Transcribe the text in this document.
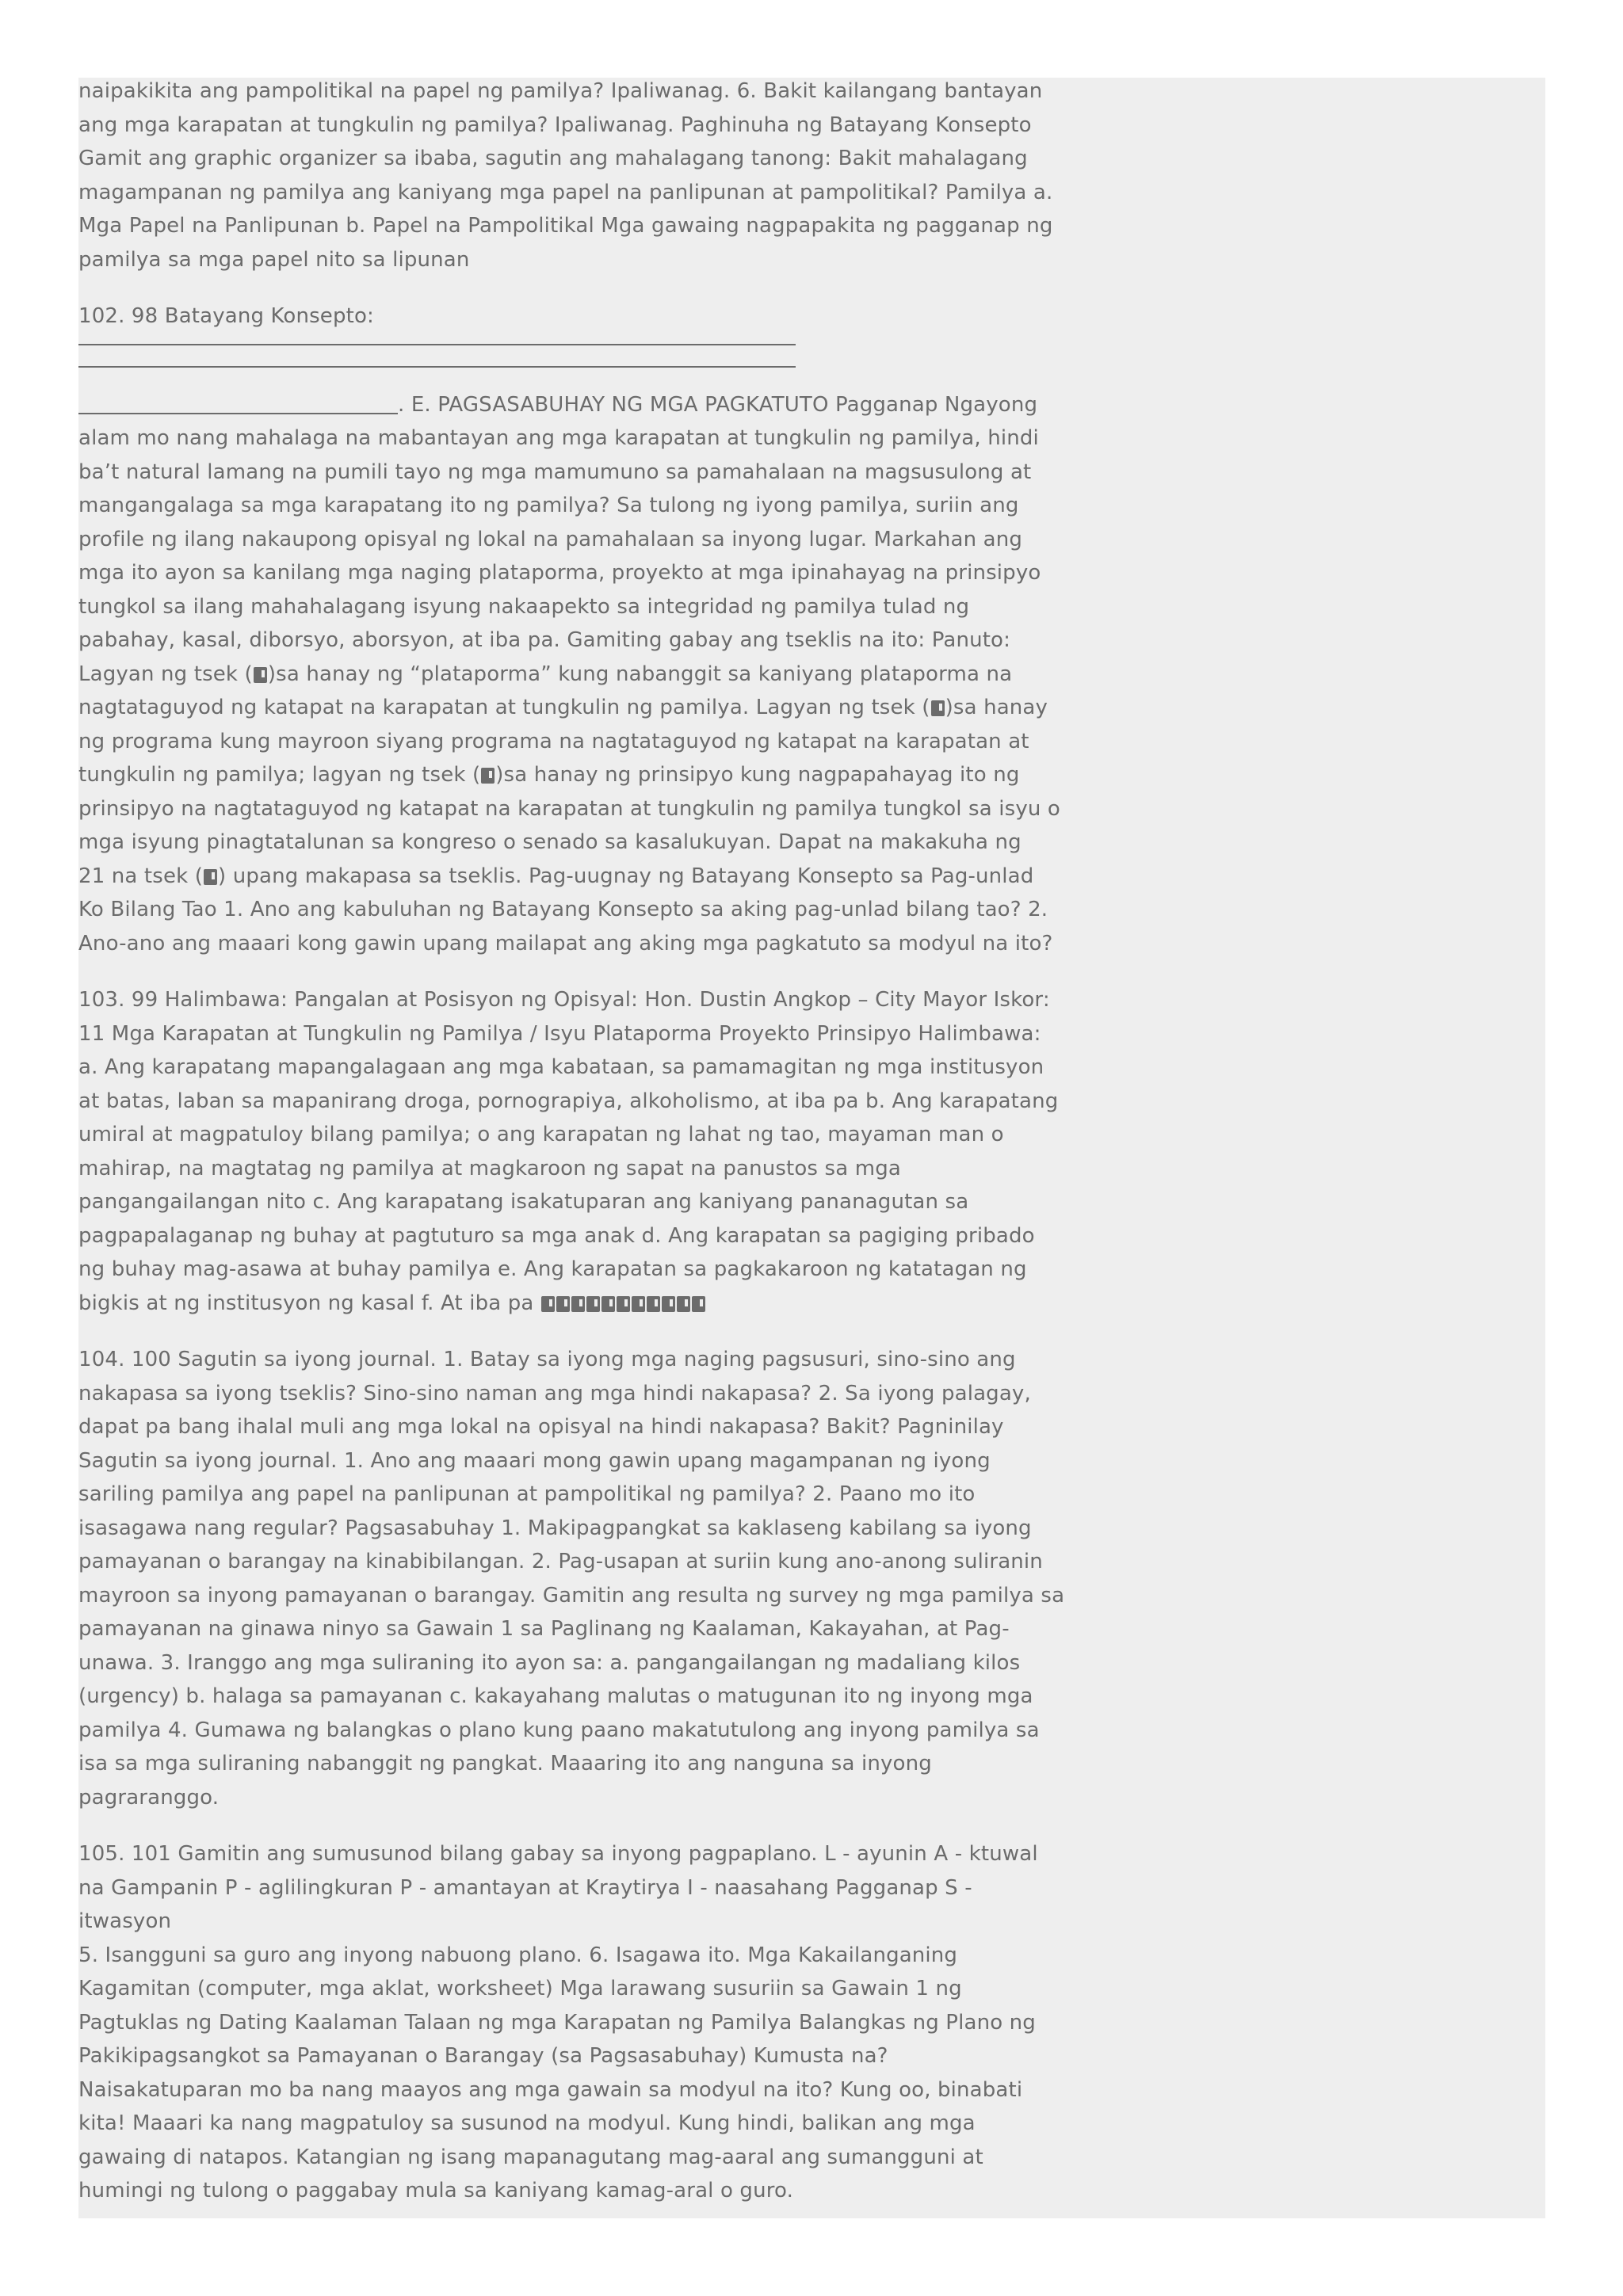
naipakikita ang pampolitikal na papel ng pamilya? Ipaliwanag. 6. Bakit kailangang bantayan
ang mga karapatan at tungkulin ng pamilya? Ipaliwanag. Paghinuha ng Batayang Konsepto
Gamit ang graphic organizer sa ibaba, sagutin ang mahalagang tanong: Bakit mahalagang
magampanan ng pamilya ang kaniyang mga papel na panlipunan at pampolitikal? Pamilya a.
Mga Papel na Panlipunan b. Papel na Pampolitikal Mga gawaing nagpapakita ng pagganap ng
pamilya sa mga papel nito sa lipunan

102. 98 Batayang Konsepto:
. E. PAGSASABUHAY NG MGA PAGKATUTO Pagganap Ngayong
alam mo nang mahalaga na mabantayan ang mga karapatan at tungkulin ng pamilya, hindi
ba’t natural lamang na pumili tayo ng mga mamumuno sa pamahalaan na magsusulong at
mangangalaga sa mga karapatang ito ng pamilya? Sa tulong ng iyong pamilya, suriin ang
profile ng ilang nakaupong opisyal ng lokal na pamahalaan sa inyong lugar. Markahan ang
mga ito ayon sa kanilang mga naging plataporma, proyekto at mga ipinahayag na prinsipyo
tungkol sa ilang mahahalagang isyung nakaapekto sa integridad ng pamilya tulad ng
pabahay, kasal, diborsyo, aborsyon, at iba pa. Gamiting gabay ang tseklis na ito: Panuto:
Lagyan ng tsek ( )sa hanay ng “plataporma” kung nabanggit sa kaniyang plataporma na
nagtataguyod ng katapat na karapatan at tungkulin ng pamilya. Lagyan ng tsek ( )sa hanay
ng programa kung mayroon siyang programa na nagtataguyod ng katapat na karapatan at
tungkulin ng pamilya; lagyan ng tsek ( )sa hanay ng prinsipyo kung nagpapahayag ito ng
prinsipyo na nagtataguyod ng katapat na karapatan at tungkulin ng pamilya tungkol sa isyu o
mga isyung pinagtatalunan sa kongreso o senado sa kasalukuyan. Dapat na makakuha ng
21 na tsek ( ) upang makapasa sa tseklis. Pag-uugnay ng Batayang Konsepto sa Pag-unlad
Ko Bilang Tao 1. Ano ang kabuluhan ng Batayang Konsepto sa aking pag-unlad bilang tao? 2.
Ano-ano ang maaari kong gawin upang mailapat ang aking mga pagkatuto sa modyul na ito?

103. 99 Halimbawa: Pangalan at Posisyon ng Opisyal: Hon. Dustin Angkop – City Mayor Iskor:
11 Mga Karapatan at Tungkulin ng Pamilya / Isyu Plataporma Proyekto Prinsipyo Halimbawa:
a. Ang karapatang mapangalagaan ang mga kabataan, sa pamamagitan ng mga institusyon
at batas, laban sa mapanirang droga, pornograpiya, alkoholismo, at iba pa b. Ang karapatang
umiral at magpatuloy bilang pamilya; o ang karapatan ng lahat ng tao, mayaman man o
mahirap, na magtatag ng pamilya at magkaroon ng sapat na panustos sa mga
pangangailangan nito c. Ang karapatang isakatuparan ang kaniyang pananagutan sa
pagpapalaganap ng buhay at pagtuturo sa mga anak d. Ang karapatan sa pagiging pribado
ng buhay mag-asawa at buhay pamilya e. Ang karapatan sa pagkakaroon ng katatagan ng
bigkis at ng institusyon ng kasal f. At iba pa

104. 100 Sagutin sa iyong journal. 1. Batay sa iyong mga naging pagsusuri, sino-sino ang
nakapasa sa iyong tseklis? Sino-sino naman ang mga hindi nakapasa? 2. Sa iyong palagay,
dapat pa bang ihalal muli ang mga lokal na opisyal na hindi nakapasa? Bakit? Pagninilay
Sagutin sa iyong journal. 1. Ano ang maaari mong gawin upang magampanan ng iyong
sariling pamilya ang papel na panlipunan at pampolitikal ng pamilya? 2. Paano mo ito
isasagawa nang regular? Pagsasabuhay 1. Makipagpangkat sa kaklaseng kabilang sa iyong
pamayanan o barangay na kinabibilangan. 2. Pag-usapan at suriin kung ano-anong suliranin
mayroon sa inyong pamayanan o barangay. Gamitin ang resulta ng survey ng mga pamilya sa
pamayanan na ginawa ninyo sa Gawain 1 sa Paglinang ng Kaalaman, Kakayahan, at Pag-
unawa. 3. Iranggo ang mga suliraning ito ayon sa: a. pangangailangan ng madaliang kilos
(urgency) b. halaga sa pamayanan c. kakayahang malutas o matugunan ito ng inyong mga
pamilya 4. Gumawa ng balangkas o plano kung paano makatutulong ang inyong pamilya sa
isa sa mga suliraning nabanggit ng pangkat. Maaaring ito ang nanguna sa inyong
pagraranggo.

105. 101 Gamitin ang sumusunod bilang gabay sa inyong pagpaplano. L - ayunin A - ktuwal
na Gampanin P - aglilingkuran P - amantayan at Kraytirya I - naasahang Pagganap S - itwasyon
5. Isangguni sa guro ang inyong nabuong plano. 6. Isagawa ito. Mga Kakailanganing
Kagamitan (computer, mga aklat, worksheet) Mga larawang susuriin sa Gawain 1 ng
Pagtuklas ng Dating Kaalaman Talaan ng mga Karapatan ng Pamilya Balangkas ng Plano ng
Pakikipagsangkot sa Pamayanan o Barangay (sa Pagsasabuhay) Kumusta na?
Naisakatuparan mo ba nang maayos ang mga gawain sa modyul na ito? Kung oo, binabati
kita! Maaari ka nang magpatuloy sa susunod na modyul. Kung hindi, balikan ang mga
gawaing di natapos. Katangian ng isang mapanagutang mag-aaral ang sumangguni at
humingi ng tulong o paggabay mula sa kaniyang kamag-aral o guro.
